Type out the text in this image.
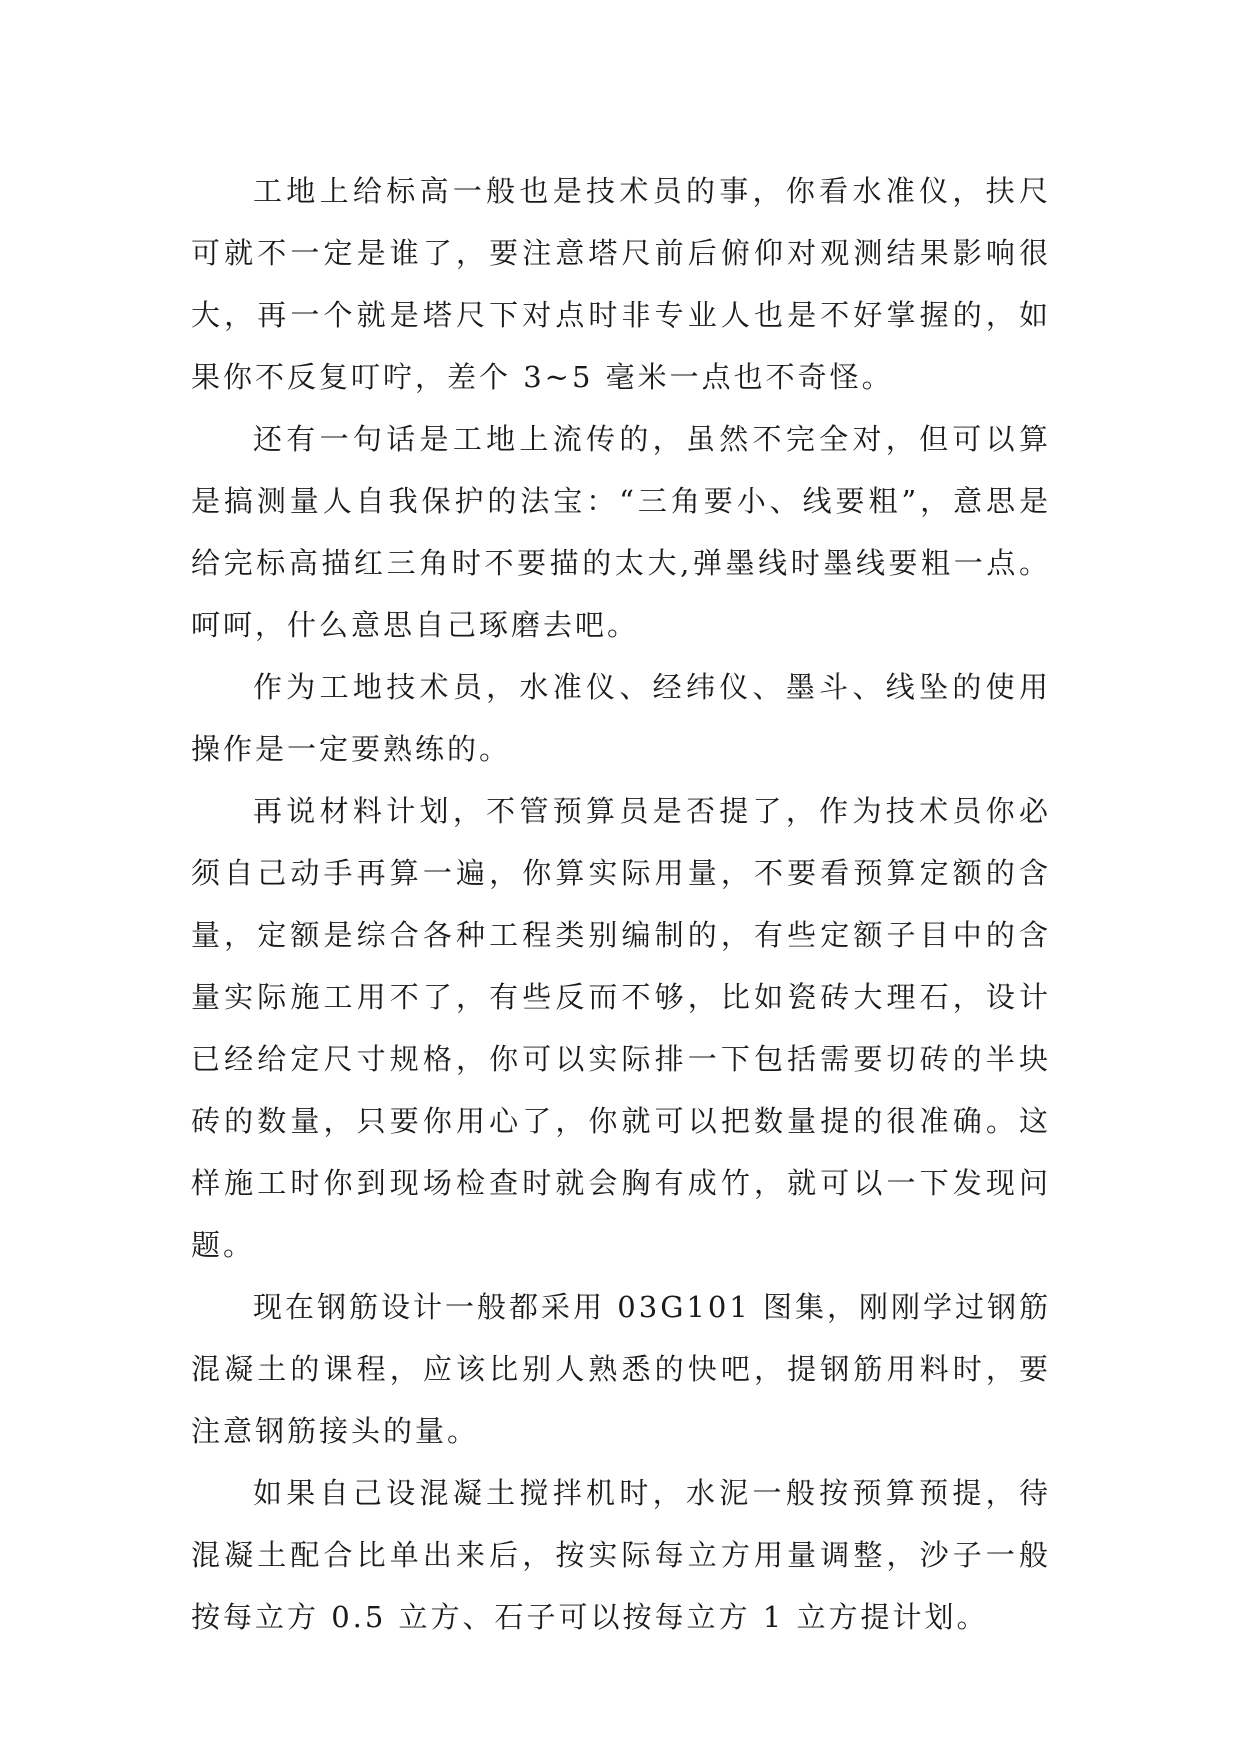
工地上给标高一般也是技术员的事，你看水准仪，扶尺可就不一定是谁了，要注意塔尺前后俯仰对观测结果影响很大，再一个就是塔尺下对点时非专业人也是不好掌握的，如果你不反复叮咛，差个 3~5 毫米一点也不奇怪。

还有一句话是工地上流传的，虽然不完全对，但可以算是搞测量人自我保护的法宝：“三角要小、线要粗”，意思是给完标高描红三角时不要描的太大,弹墨线时墨线要粗一点。呵呵，什么意思自己琢磨去吧。

作为工地技术员，水准仪、经纬仪、墨斗、线坠的使用操作是一定要熟练的。

再说材料计划，不管预算员是否提了，作为技术员你必须自己动手再算一遍，你算实际用量，不要看预算定额的含量，定额是综合各种工程类别编制的，有些定额子目中的含量实际施工用不了，有些反而不够，比如瓷砖大理石，设计已经给定尺寸规格，你可以实际排一下包括需要切砖的半块砖的数量，只要你用心了，你就可以把数量提的很准确。这样施工时你到现场检查时就会胸有成竹，就可以一下发现问题。

现在钢筋设计一般都采用 03G101 图集，刚刚学过钢筋混凝土的课程，应该比别人熟悉的快吧，提钢筋用料时，要注意钢筋接头的量。

如果自己设混凝土搅拌机时，水泥一般按预算预提，待混凝土配合比单出来后，按实际每立方用量调整，沙子一般按每立方 0.5 立方、石子可以按每立方 1 立方提计划。
